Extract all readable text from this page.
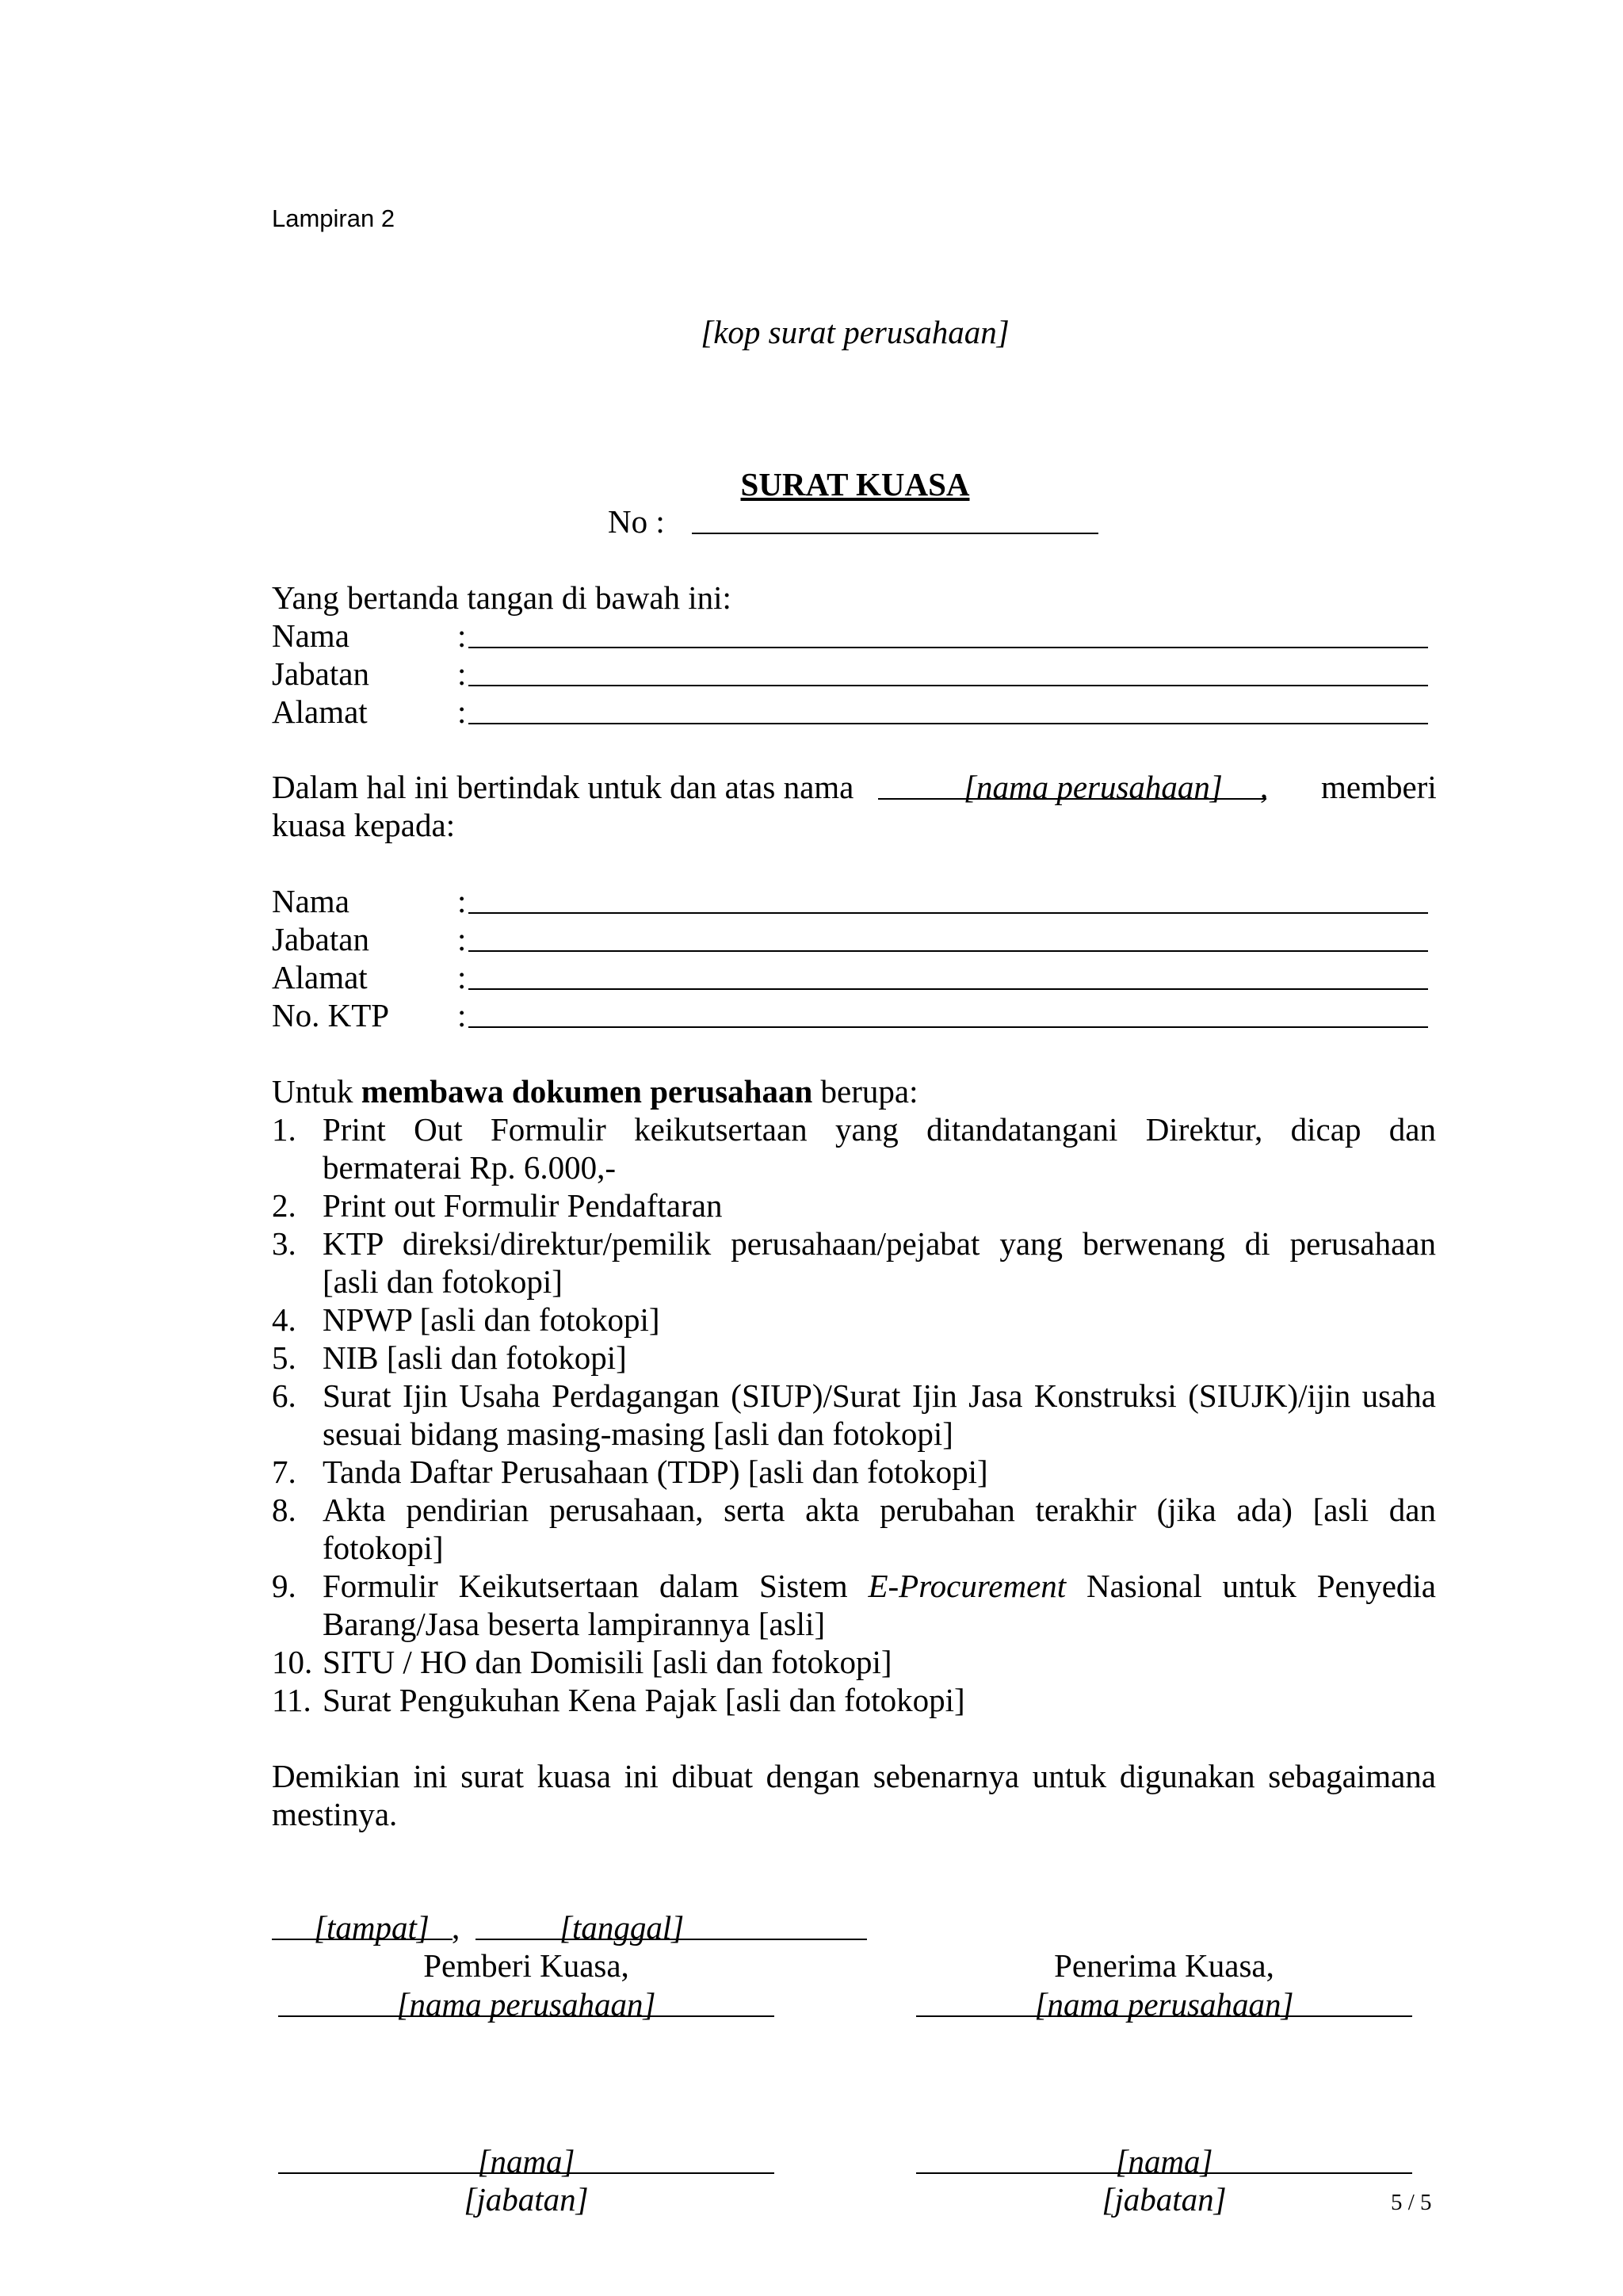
Lampiran 2
[kop surat perusahaan]
SURAT KUASA
No :
Yang bertanda tangan di bawah ini:
Nama	:
Jabatan	:
Alamat	:
Dalam hal ini bertindak untuk dan atas nama	[nama perusahaan] , memberi
kuasa kepada:
Nama	:
Jabatan	:
Alamat	:
No. KTP :
Untuk membawa dokumen perusahaan berupa:
1. Print Out Formulir keikutsertaan yang ditandatangani Direktur, dicap dan
bermaterai Rp. 6.000,-
2. Print out Formulir Pendaftaran
3. KTP direksi/direktur/pemilik perusahaan/pejabat yang berwenang di perusahaan
[asli dan fotokopi]
4. NPWP [asli dan fotokopi]
5. NIB [asli dan fotokopi]
6. Surat Ijin Usaha Perdagangan (SIUP)/Surat Ijin Jasa Konstruksi (SIUJK)/ijin usaha
sesuai bidang masing-masing [asli dan fotokopi]
7. Tanda Daftar Perusahaan (TDP) [asli dan fotokopi]
8. Akta pendirian perusahaan, serta akta perubahan terakhir (jika ada) [asli dan
fotokopi]
9. Formulir Keikutsertaan dalam Sistem E-Procurement Nasional untuk Penyedia
Barang/Jasa beserta lampirannya [asli]
10. SITU / HO dan Domisili [asli dan fotokopi]
11. Surat Pengukuhan Kena Pajak [asli dan fotokopi]
Demikian ini surat kuasa ini dibuat dengan sebenarnya untuk digunakan sebagaimana
mestinya.
[tampat] ,	[tanggal]
Pemberi Kuasa,
[nama perusahaan]
[nama]
[jabatan]
Penerima Kuasa,
[nama perusahaan]
[nama]
[jabatan]	5 / 5
